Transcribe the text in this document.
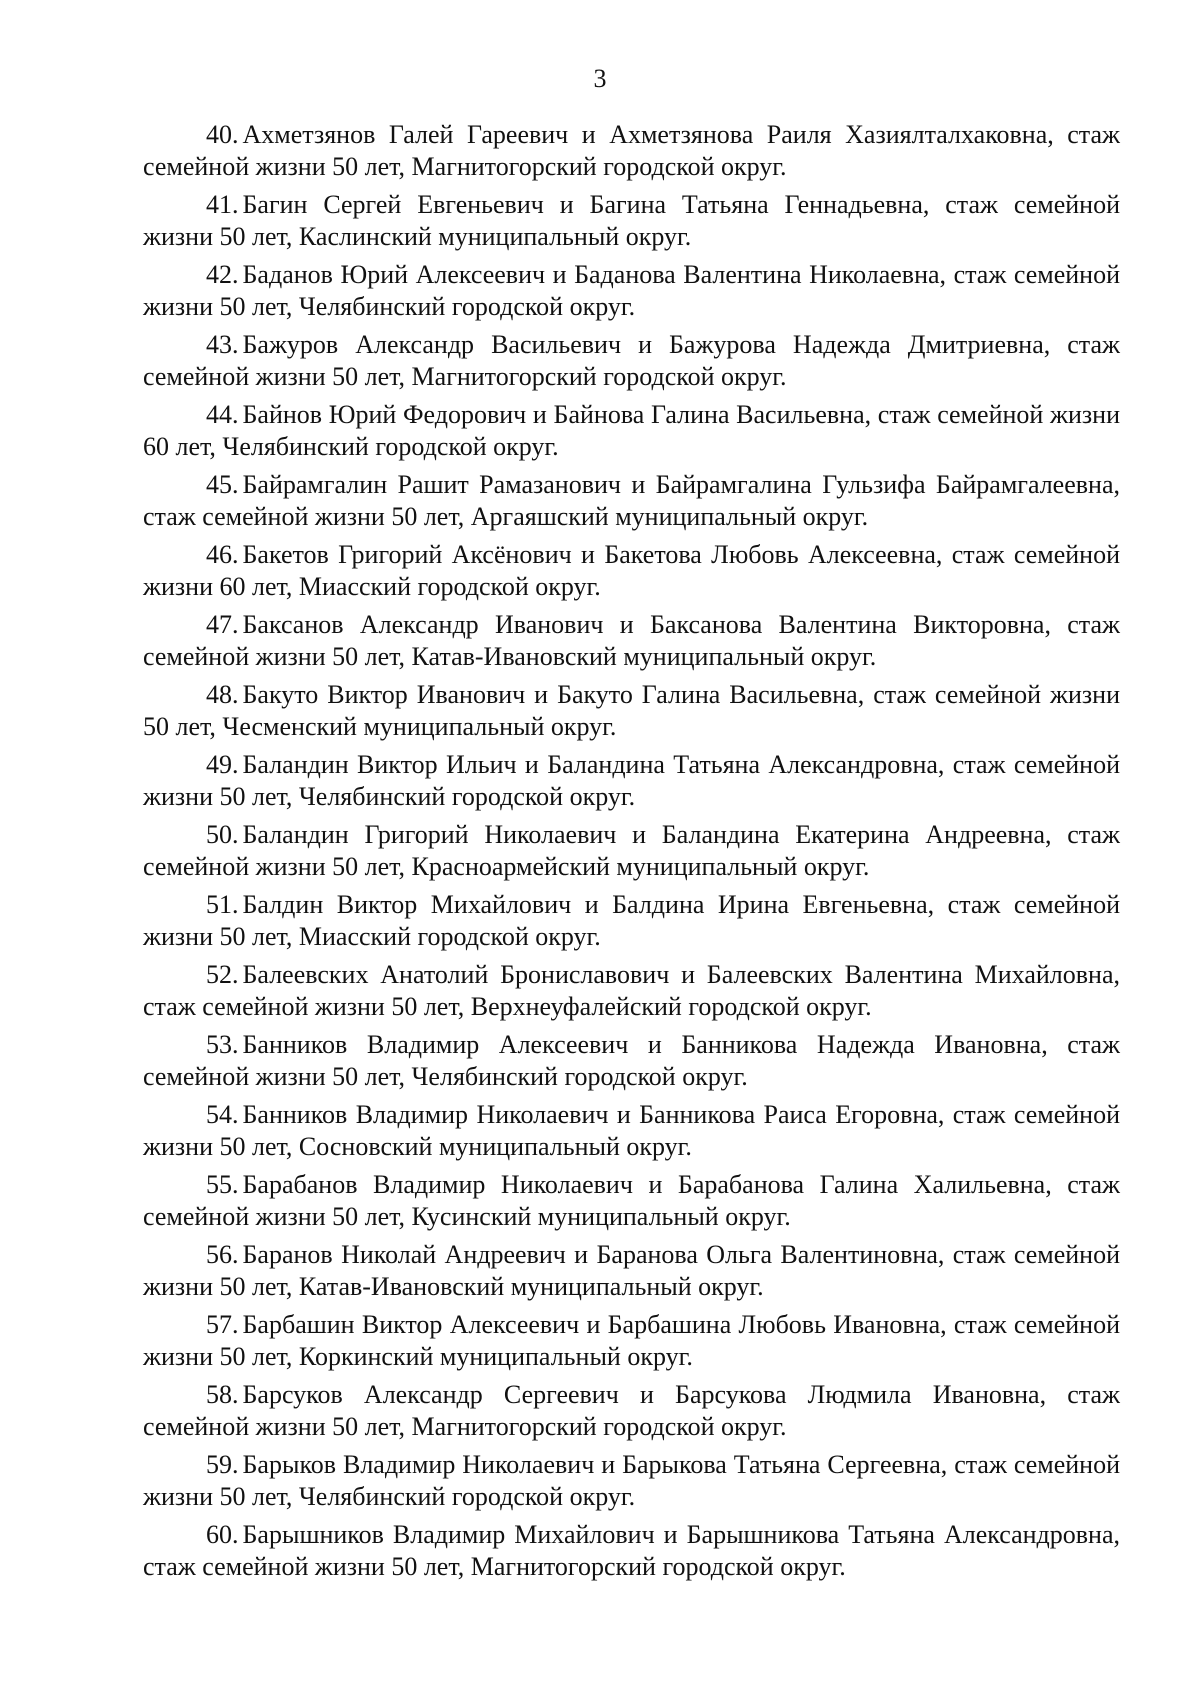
3
40. Ахметзянов Галей Гареевич и Ахметзянова Раиля Хазиялталхаковна, стаж семейной жизни 50 лет, Магнитогорский городской округ.
41. Багин Сергей Евгеньевич и Багина Татьяна Геннадьевна, стаж семейной жизни 50 лет, Каслинский муниципальный округ.
42. Баданов Юрий Алексеевич и Баданова Валентина Николаевна, стаж семейной жизни 50 лет, Челябинский городской округ.
43. Бажуров Александр Васильевич и Бажурова Надежда Дмитриевна, стаж семейной жизни 50 лет, Магнитогорский городской округ.
44. Байнов Юрий Федорович и Байнова Галина Васильевна, стаж семейной жизни 60 лет, Челябинский городской округ.
45. Байрамгалин Рашит Рамазанович и Байрамгалина Гульзифа Байрамгалеевна, стаж семейной жизни 50 лет, Аргаяшский муниципальный округ.
46. Бакетов Григорий Аксёнович и Бакетова Любовь Алексеевна, стаж семейной жизни 60 лет, Миасский городской округ.
47. Баксанов Александр Иванович и Баксанова Валентина Викторовна, стаж семейной жизни 50 лет, Катав-Ивановский муниципальный округ.
48. Бакуто Виктор Иванович и Бакуто Галина Васильевна, стаж семейной жизни 50 лет, Чесменский муниципальный округ.
49. Баландин Виктор Ильич и Баландина Татьяна Александровна, стаж семейной жизни 50 лет, Челябинский городской округ.
50. Баландин Григорий Николаевич и Баландина Екатерина Андреевна, стаж семейной жизни 50 лет, Красноармейский муниципальный округ.
51. Балдин Виктор Михайлович и Балдина Ирина Евгеньевна, стаж семейной жизни 50 лет, Миасский городской округ.
52. Балеевских Анатолий Брониславович и Балеевских Валентина Михайловна, стаж семейной жизни 50 лет, Верхнеуфалейский городской округ.
53. Банников Владимир Алексеевич и Банникова Надежда Ивановна, стаж семейной жизни 50 лет, Челябинский городской округ.
54. Банников Владимир Николаевич и Банникова Раиса Егоровна, стаж семейной жизни 50 лет, Сосновский муниципальный округ.
55. Барабанов Владимир Николаевич и Барабанова Галина Халильевна, стаж семейной жизни 50 лет, Кусинский муниципальный округ.
56. Баранов Николай Андреевич и Баранова Ольга Валентиновна, стаж семейной жизни 50 лет, Катав-Ивановский муниципальный округ.
57. Барбашин Виктор Алексеевич и Барбашина Любовь Ивановна, стаж семейной жизни 50 лет, Коркинский муниципальный округ.
58. Барсуков Александр Сергеевич и Барсукова Людмила Ивановна, стаж семейной жизни 50 лет, Магнитогорский городской округ.
59. Барыков Владимир Николаевич и Барыкова Татьяна Сергеевна, стаж семейной жизни 50 лет, Челябинский городской округ.
60. Барышников Владимир Михайлович и Барышникова Татьяна Александровна, стаж семейной жизни 50 лет, Магнитогорский городской округ.
